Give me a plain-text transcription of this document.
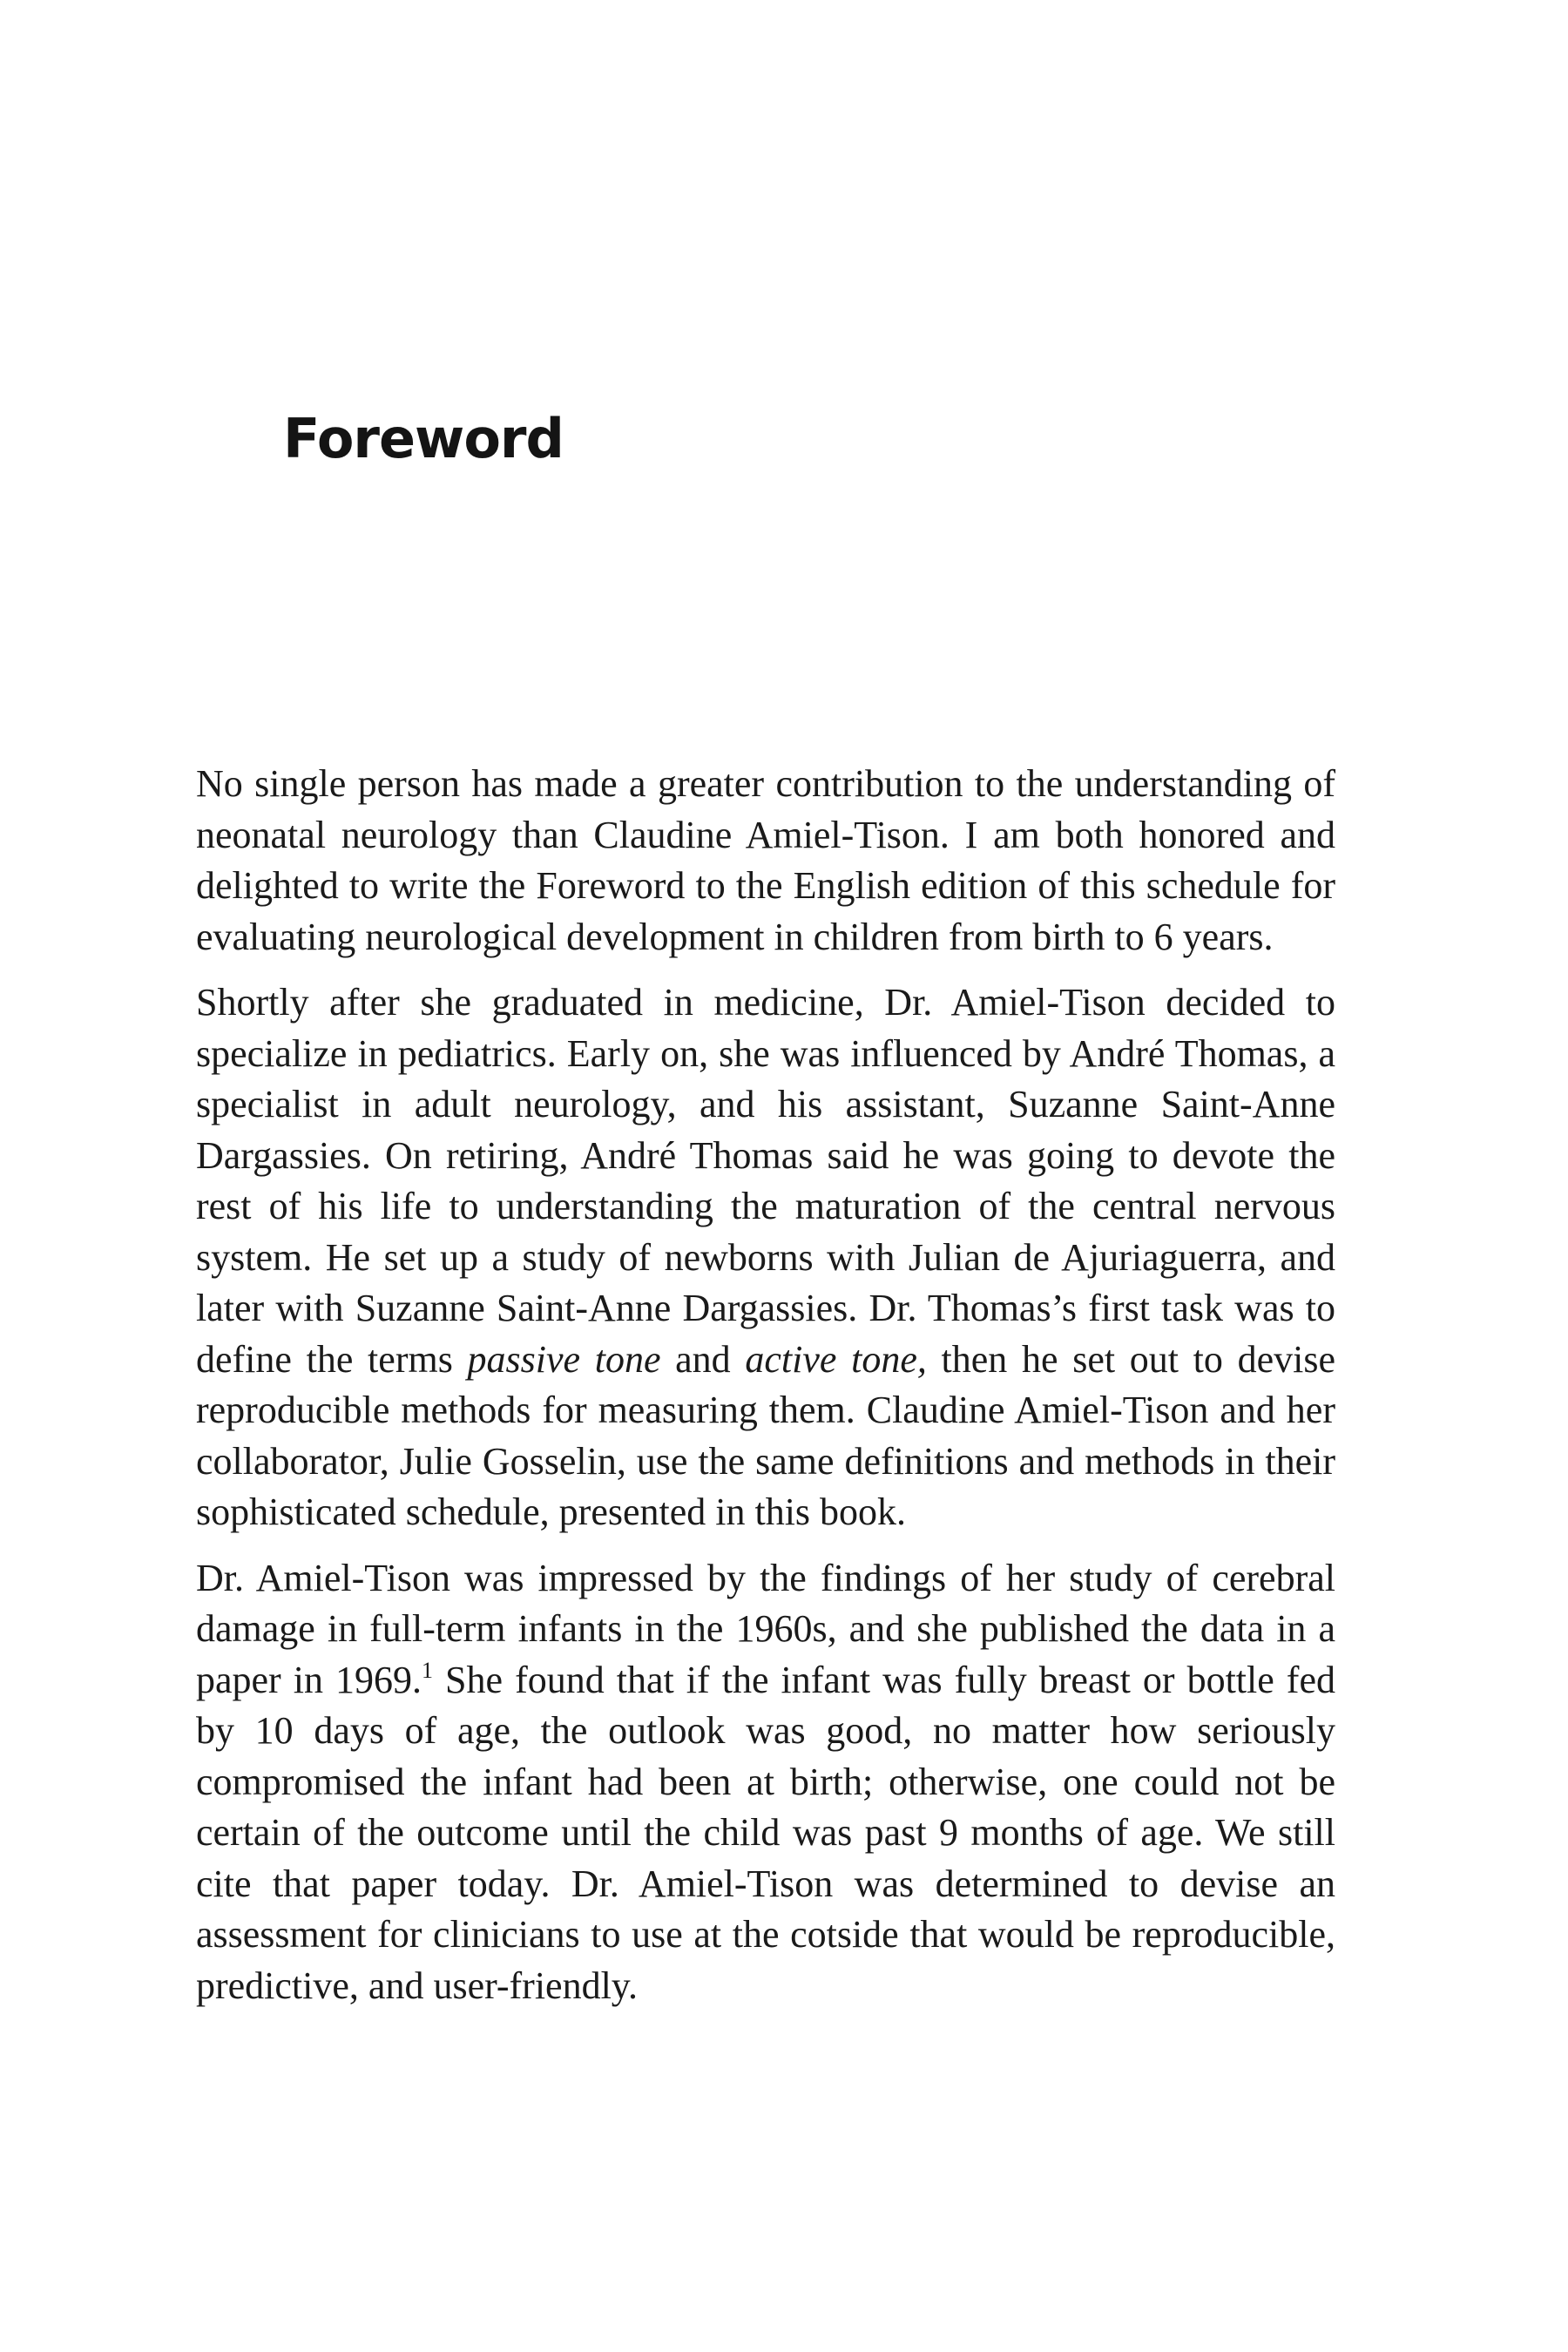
Foreword

No single person has made a greater contribution to the understanding of neonatal neurology than Claudine Amiel-Tison. I am both honored and delighted to write the Foreword to the English edition of this schedule for evaluating neurological development in children from birth to 6 years.

Shortly after she graduated in medicine, Dr. Amiel-Tison decided to specialize in pediatrics. Early on, she was influenced by André Thomas, a specialist in adult neurology, and his assistant, Suzanne Saint-Anne Dargassies. On retiring, André Thomas said he was going to devote the rest of his life to understanding the maturation of the central nervous system. He set up a study of newborns with Julian de Ajuriaguerra, and later with Suzanne Saint-Anne Dargassies. Dr. Thomas’s first task was to define the terms passive tone and active tone, then he set out to devise reproducible methods for measuring them. Claudine Amiel-Tison and her collaborator, Julie Gosselin, use the same definitions and methods in their sophisticated schedule, presented in this book.

Dr. Amiel-Tison was impressed by the findings of her study of cerebral damage in full-term infants in the 1960s, and she published the data in a paper in 1969.$^1$ She found that if the infant was fully breast or bottle fed by 10 days of age, the outlook was good, no matter how seriously compromised the infant had been at birth; otherwise, one could not be certain of the outcome until the child was past 9 months of age. We still cite that paper today. Dr. Amiel-Tison was determined to devise an assessment for clinicians to use at the cotside that would be reproducible, predictive, and user-friendly.
